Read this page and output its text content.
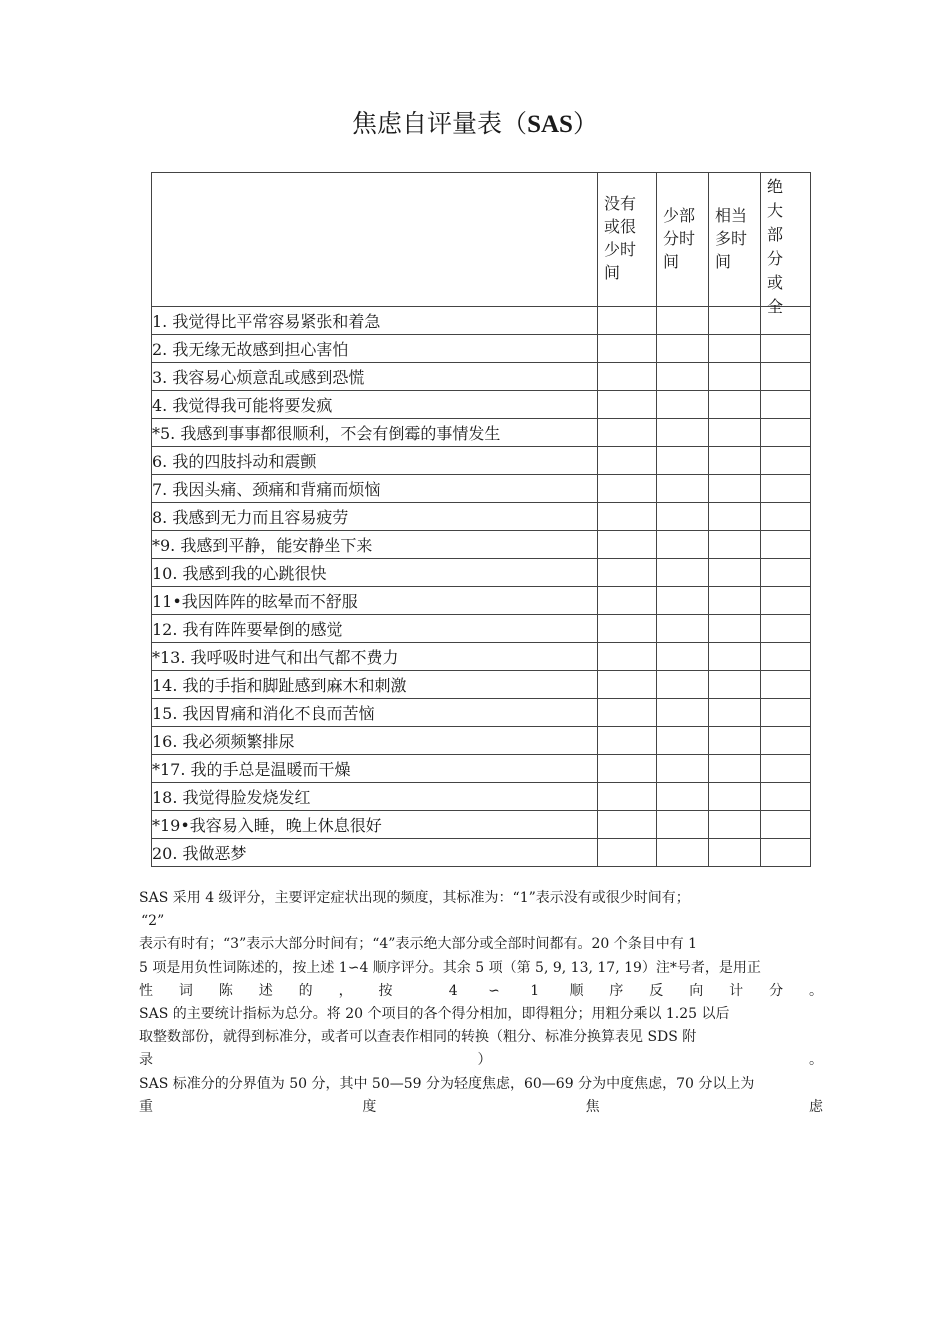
焦虑自评量表（SAS）

	没有或很少时间	少部分时间	相当多时间	绝大部分或全

1. 我觉得比平常容易紧张和着急				
2. 我无缘无故感到担心害怕				
3. 我容易心烦意乱或感到恐慌				
4. 我觉得我可能将要发疯				
*5. 我感到事事都很顺利，不会有倒霉的事情发生				
6. 我的四肢抖动和震颤				
7. 我因头痛、颈痛和背痛而烦恼				
8. 我感到无力而且容易疲劳				
*9. 我感到平静，能安静坐下来				
10. 我感到我的心跳很快				
11•我因阵阵的眩晕而不舒服				
12. 我有阵阵要晕倒的感觉				
*13. 我呼吸时进气和出气都不费力				
14. 我的手指和脚趾感到麻木和刺激				
15. 我因胃痛和消化不良而苦恼				
16. 我必须频繁排尿				
*17. 我的手总是温暖而干燥				
18. 我觉得脸发烧发红				
*19•我容易入睡，晚上休息很好				
20. 我做恶梦				

SAS 采用 4 级评分，主要评定症状出现的频度，其标准为：“1”表示没有或很少时间有；

“2”

表示有时有；“3”表示大部分时间有；“4”表示绝大部分或全部时间都有。20 个条目中有 1

5 项是用负性词陈述的，按上述 1∽4 顺序评分。其余 5 项（第 5, 9, 13, 17, 19）注*号者，是用正

性词陈述的，按 4 ∽ 1 顺序反向计分。

SAS 的主要统计指标为总分。将 20 个项目的各个得分相加，即得粗分；用粗分乘以 1.25 以后

取整数部份，就得到标准分，或者可以查表作相同的转换（粗分、标准分换算表见 SDS 附

录）。

SAS 标准分的分界值为 50 分，其中 50—59 分为轻度焦虑，60—69 分为中度焦虑，70 分以上为

重度焦虑
